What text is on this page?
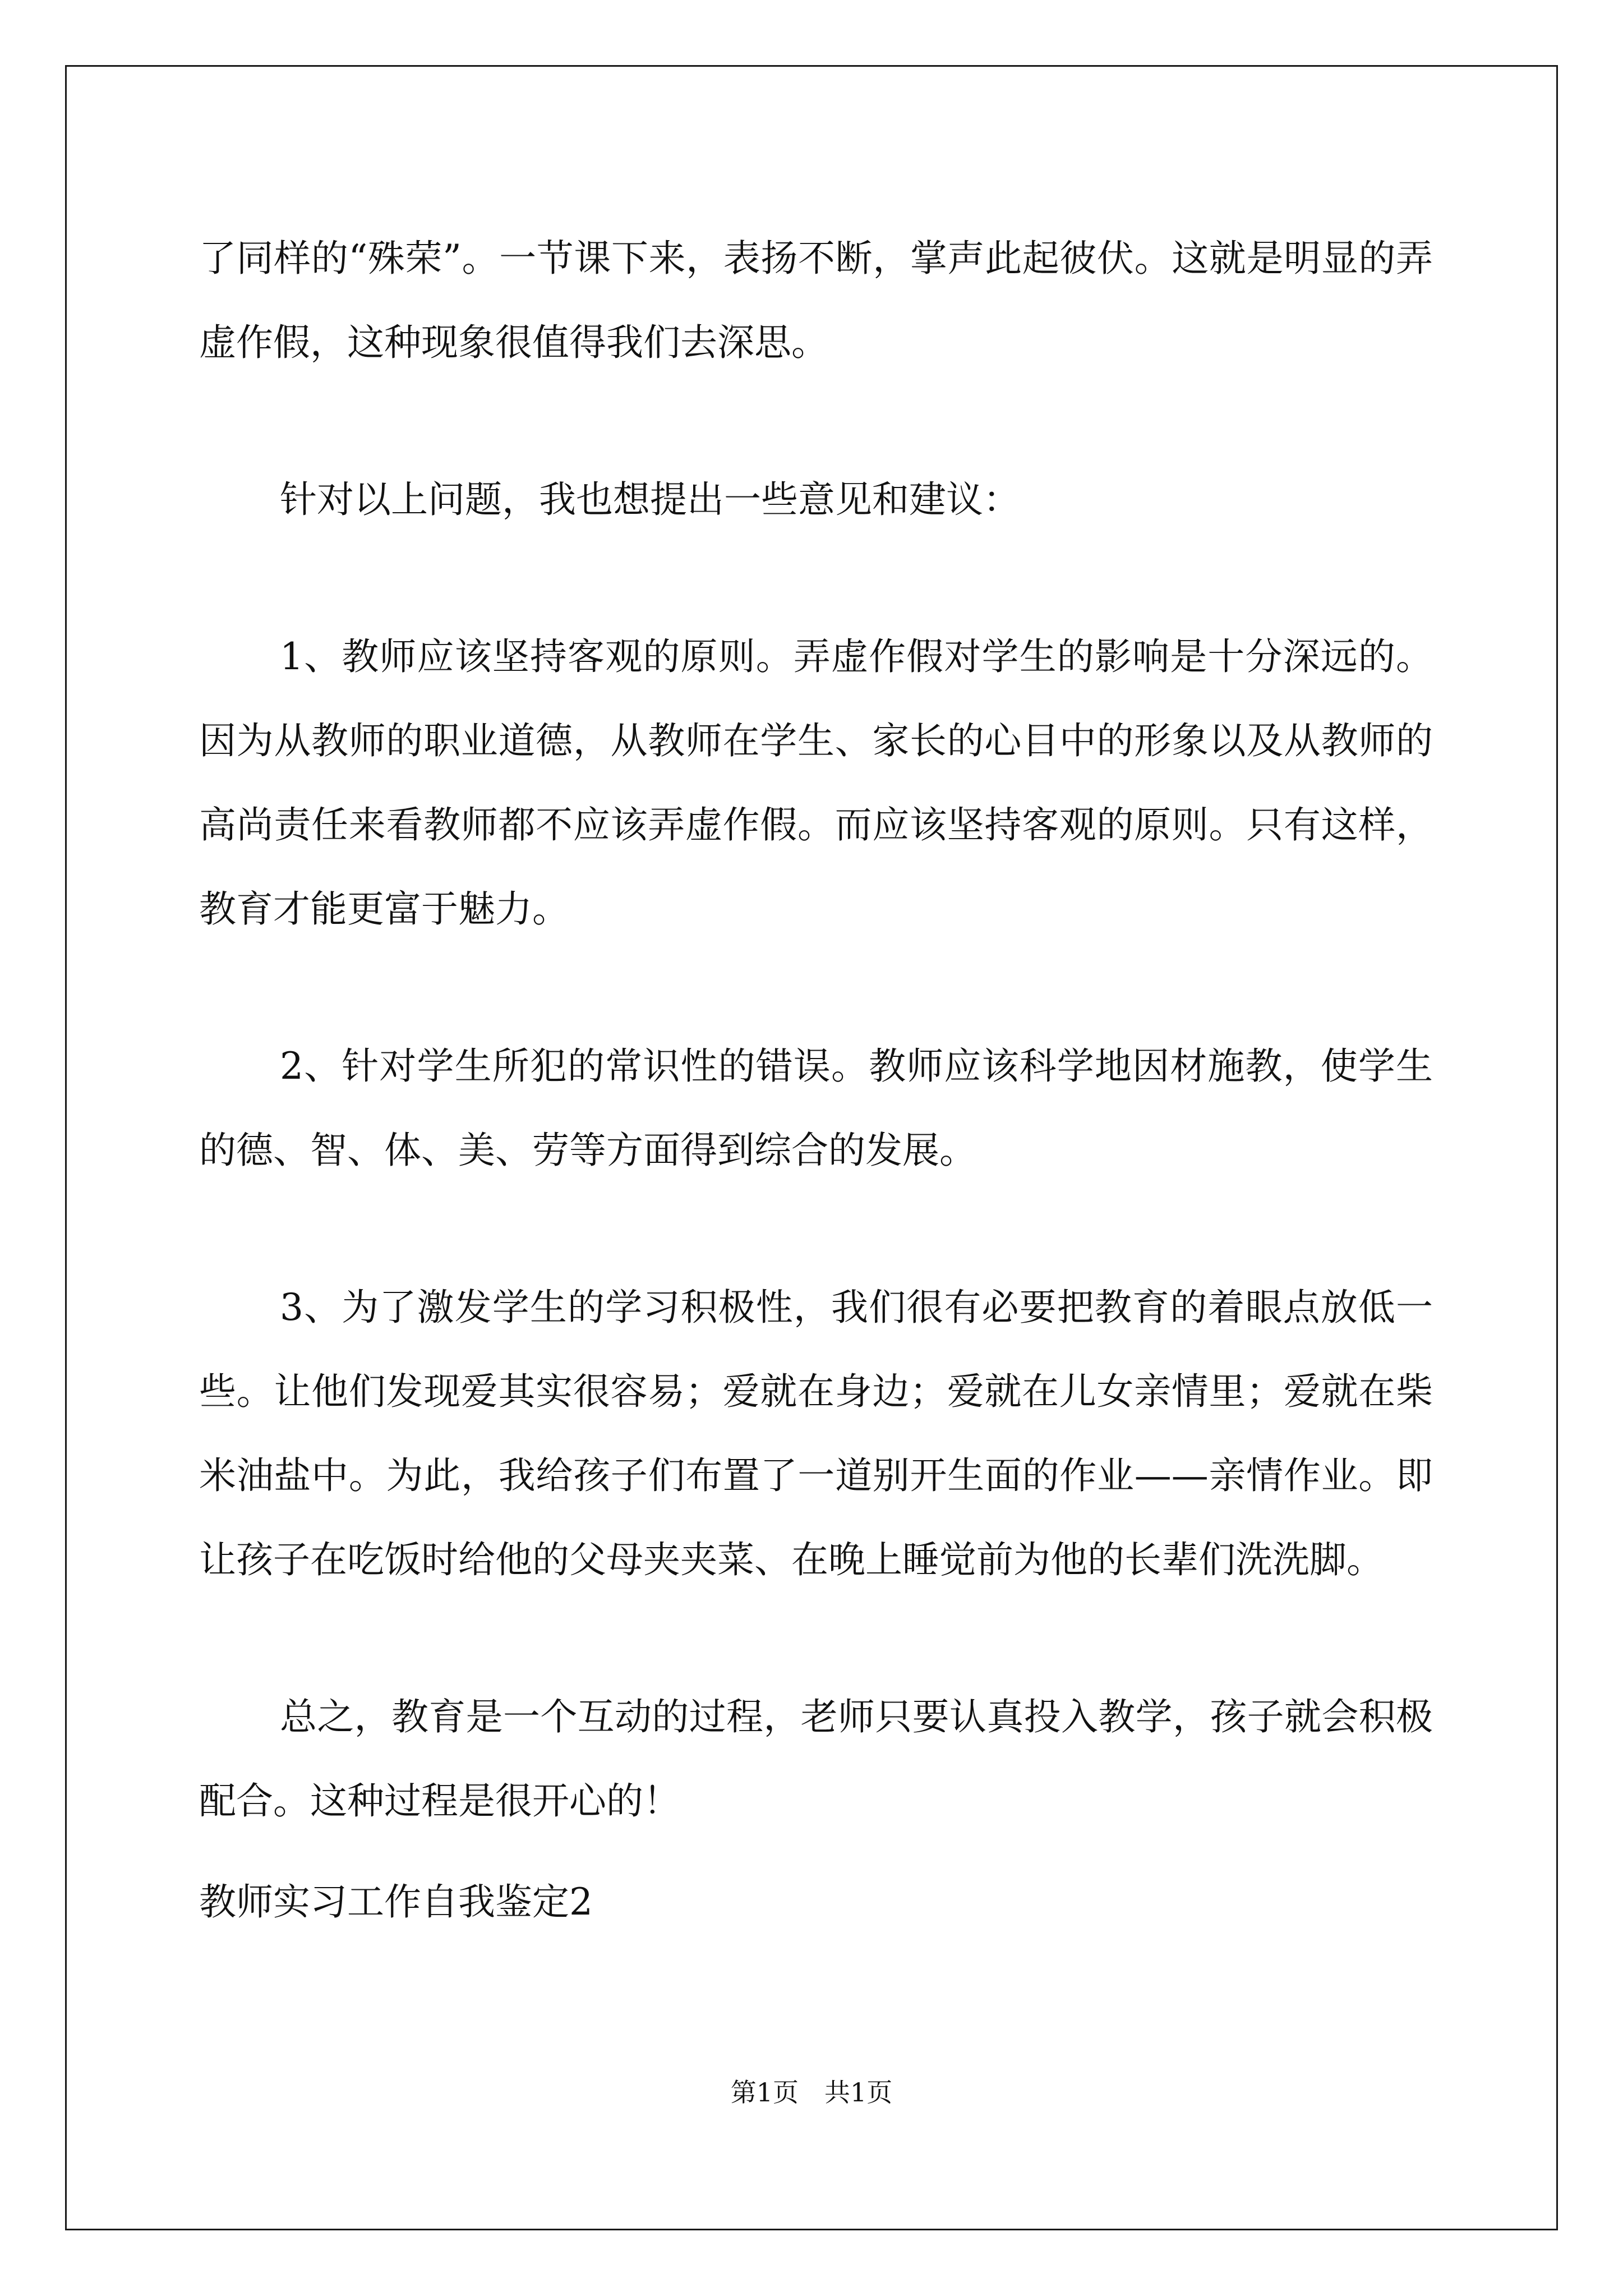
了同样的“殊荣”。一节课下来，表扬不断，掌声此起彼伏。这就是明显的弄虚作假，这种现象很值得我们去深思。

针对以上问题，我也想提出一些意见和建议：

1、教师应该坚持客观的原则。弄虚作假对学生的影响是十分深远的。因为从教师的职业道德，从教师在学生、家长的心目中的形象以及从教师的高尚责任来看教师都不应该弄虚作假。而应该坚持客观的原则。只有这样，教育才能更富于魅力。

2、针对学生所犯的常识性的错误。教师应该科学地因材施教，使学生的德、智、体、美、劳等方面得到综合的发展。

3、为了激发学生的学习积极性，我们很有必要把教育的着眼点放低一些。让他们发现爱其实很容易；爱就在身边；爱就在儿女亲情里；爱就在柴米油盐中。为此，我给孩子们布置了一道别开生面的作业——亲情作业。即让孩子在吃饭时给他的父母夹夹菜、在晚上睡觉前为他的长辈们洗洗脚。

总之，教育是一个互动的过程，老师只要认真投入教学，孩子就会积极配合。这种过程是很开心的！

教师实习工作自我鉴定2

第1页　共1页
